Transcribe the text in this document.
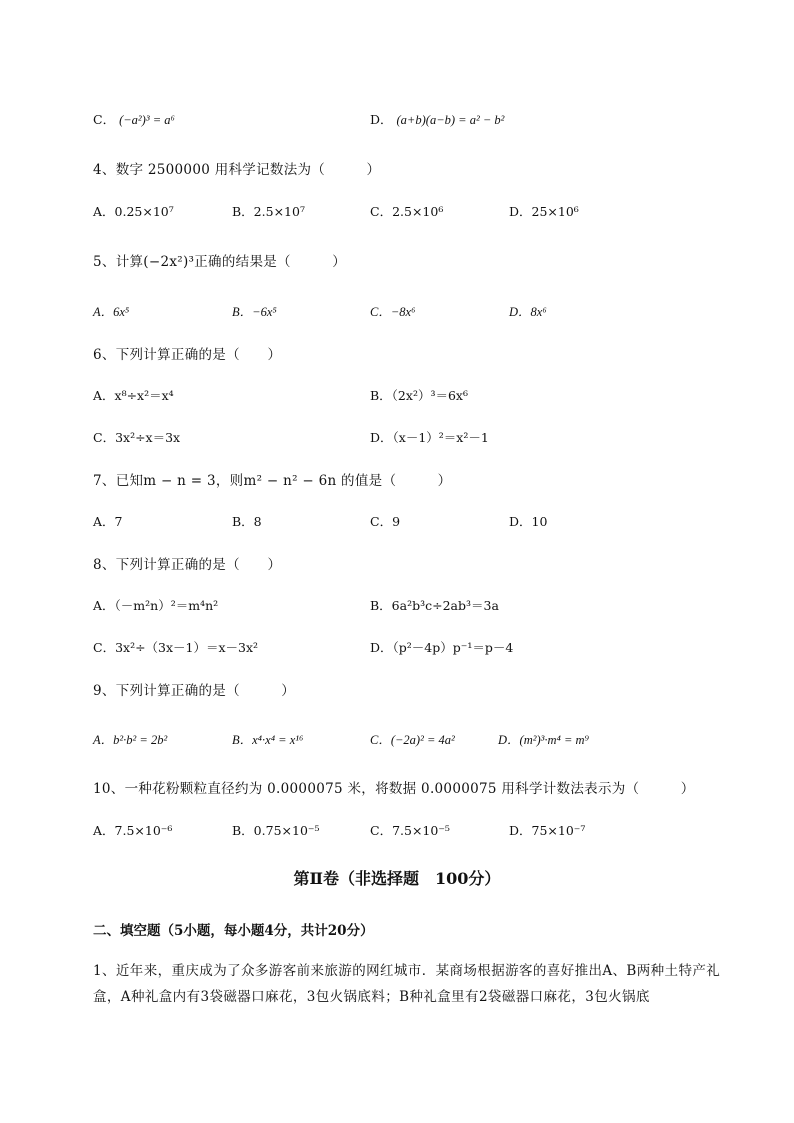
C． (−a²)³ = a⁶	D． (a+b)(a−b) = a² − b²
4、数字 2500000 用科学记数法为（　　　）
A．0.25×10⁷	B．2.5×10⁷	C．2.5×10⁶	D．25×10⁶
5、计算(−2x²)³正确的结果是（　　　）
A．6x⁵	B．−6x⁵	C．−8x⁶	D．8x⁶
6、下列计算正确的是（　　）
A．x⁸÷x²＝x⁴	B．（2x²）³＝6x⁶
C．3x²÷x＝3x	D．（x－1）²＝x²－1
7、已知m − n = 3，则m² − n² − 6n 的值是（　　　）
A．7	B．8	C．9	D．10
8、下列计算正确的是（　　）
A．（－m²n）²＝m⁴n²	B．6a²b³c÷2ab³＝3a
C．3x²÷（3x－1）＝x－3x²	D．（p²－4p）p⁻¹＝p－4
9、下列计算正确的是（　　　）
A．b²·b² = 2b²	B．x⁴·x⁴ = x¹⁶	C．(−2a)² = 4a²	D．(m²)³·m⁴ = m⁹
10、一种花粉颗粒直径约为 0.0000075 米，将数据 0.0000075 用科学计数法表示为（　　　）
A．7.5×10⁻⁶	B．0.75×10⁻⁵	C．7.5×10⁻⁵	D．75×10⁻⁷
第Ⅱ卷（非选择题　100分）
二、填空题（5小题，每小题4分，共计20分）
1、近年来，重庆成为了众多游客前来旅游的网红城市．某商场根据游客的喜好推出A、B两种土特产礼盒，A种礼盒内有3袋磁器口麻花，3包火锅底料；B种礼盒里有2袋磁器口麻花，3包火锅底
